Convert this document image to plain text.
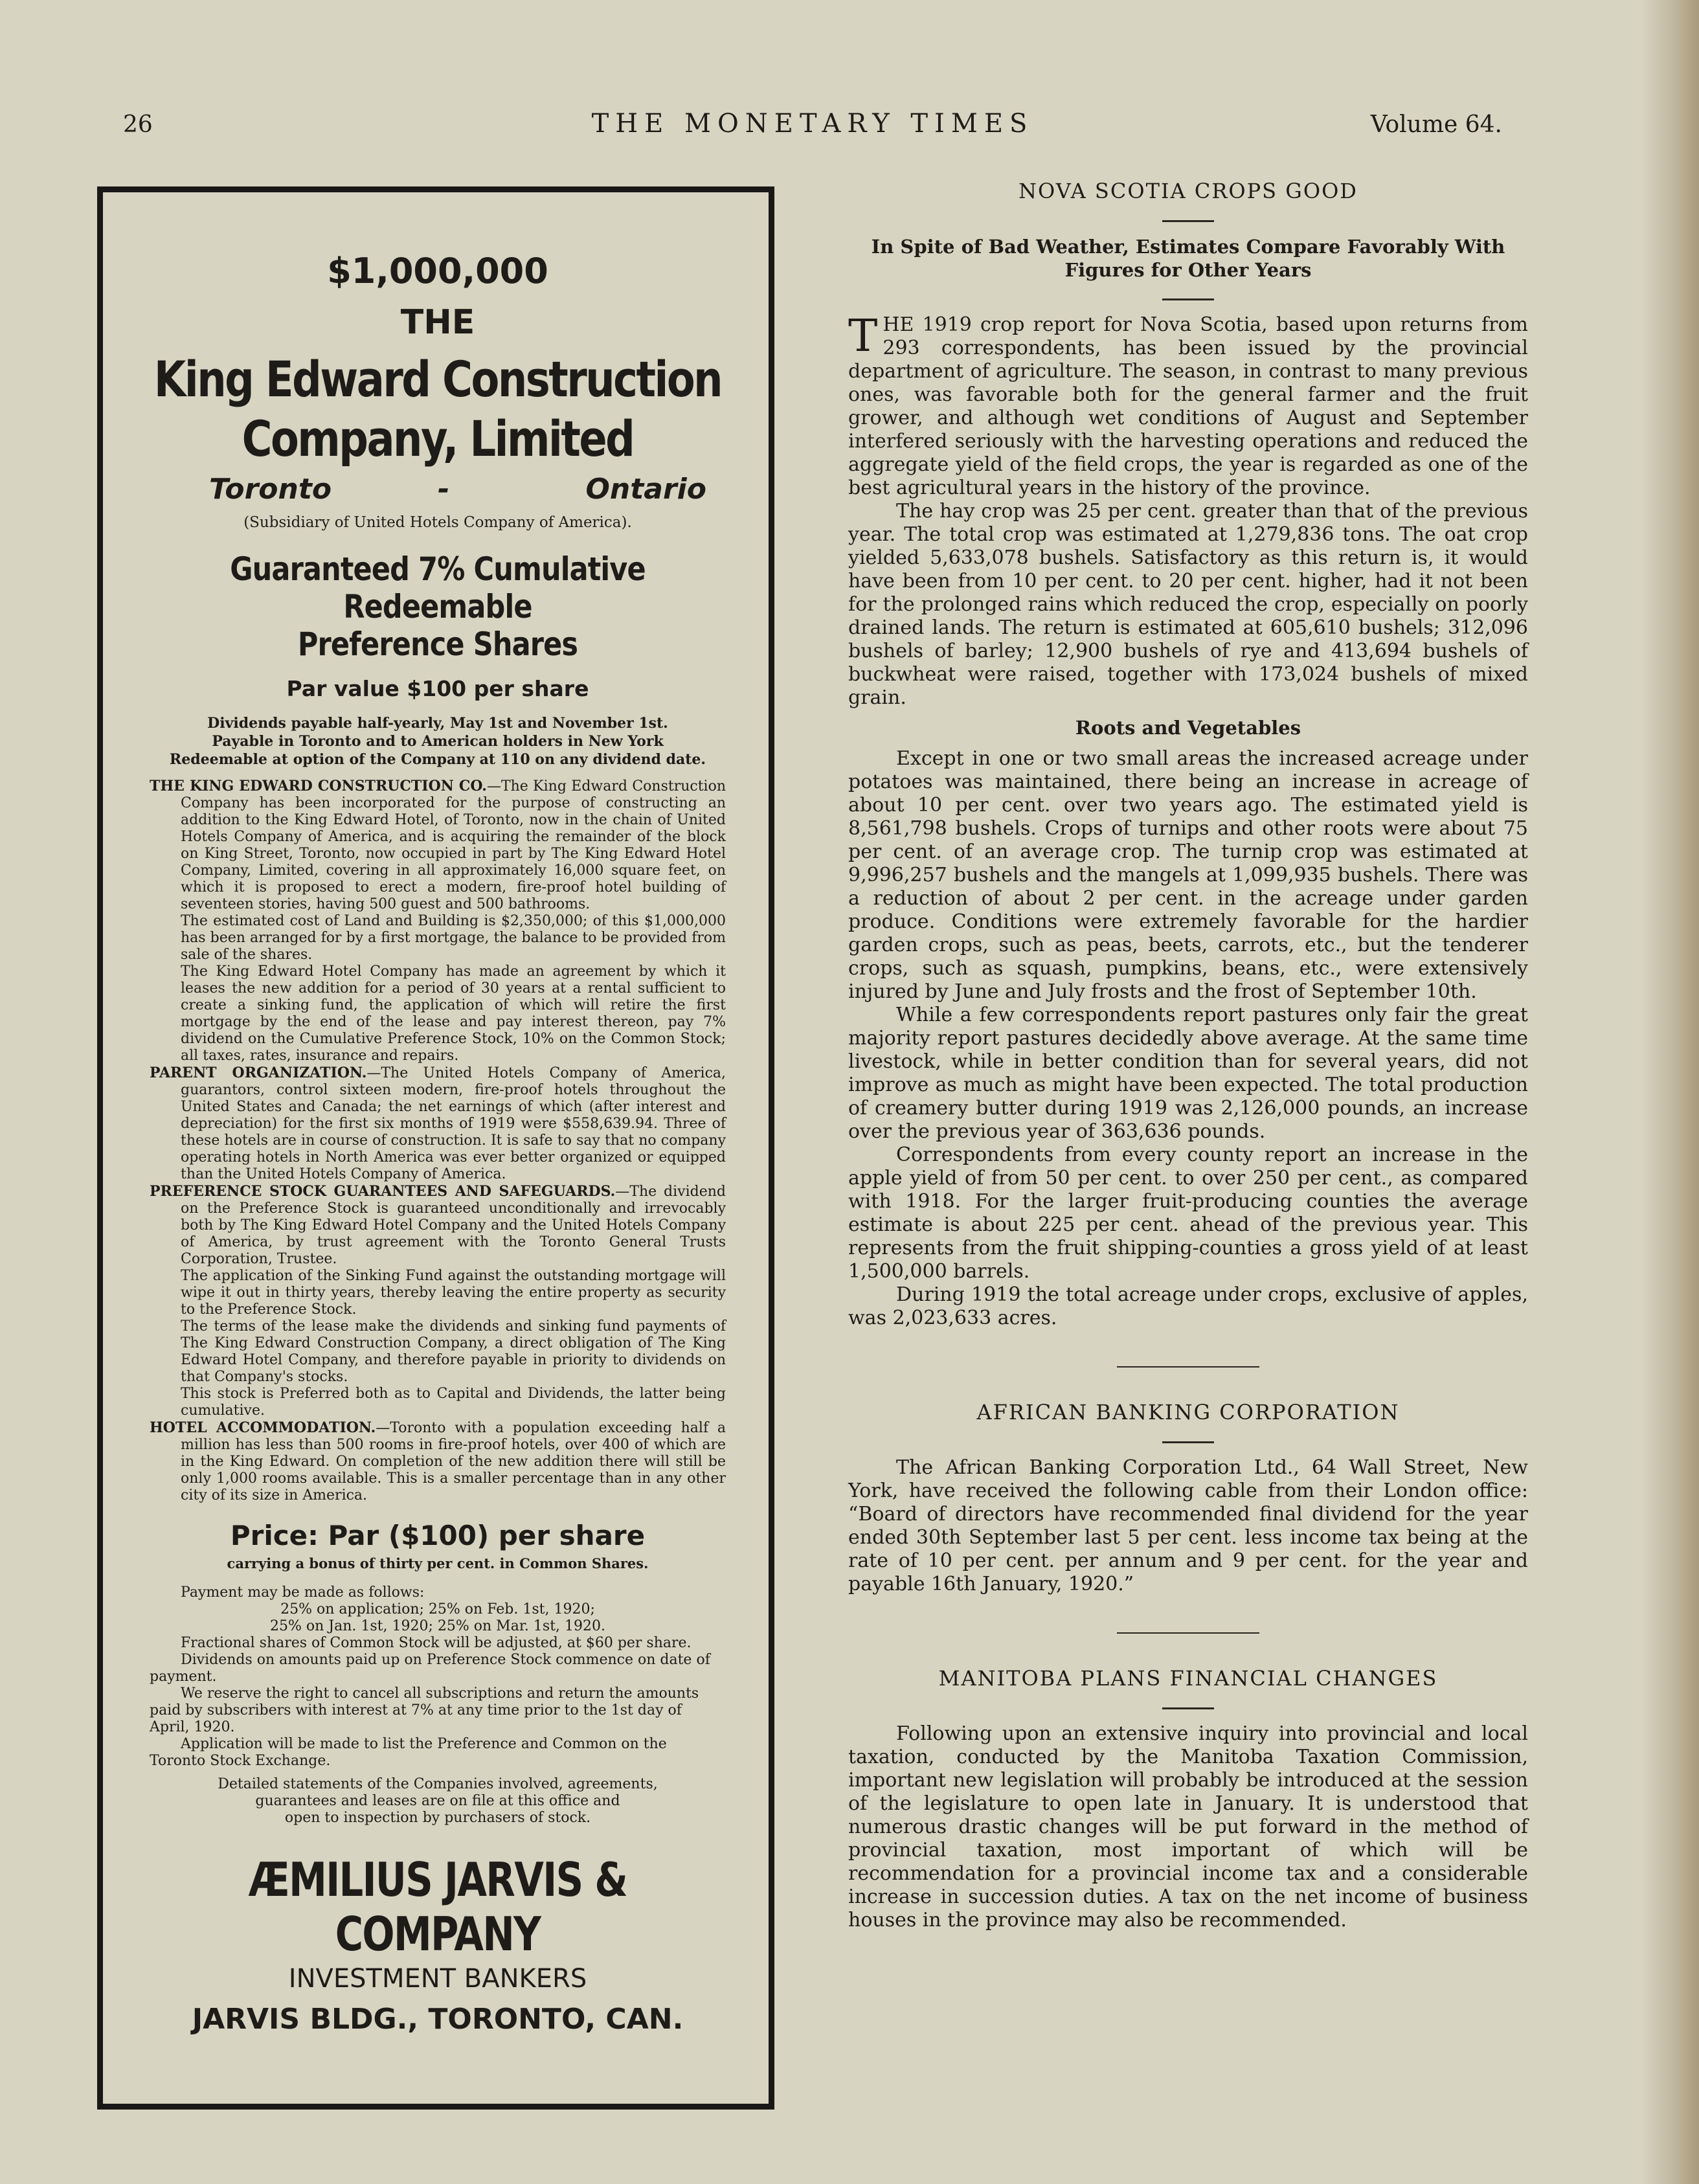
26	THE MONETARY TIMES	Volume 64.
$1,000,000
THE
King Edward Construction
Company, Limited
Toronto	-	Ontario
(Subsidiary of United Hotels Company of America).
Guaranteed 7% Cumulative Redeemable
Preference Shares
Par value $100 per share
Dividends payable half-yearly, May 1st and November 1st.
Payable in Toronto and to American holders in New York
Redeemable at option of the Company at 110 on any dividend date.

THE KING EDWARD CONSTRUCTION CO.—The King Edward Construction Company has been incorporated for the purpose of constructing an addition to the King Edward Hotel, of Toronto, now in the chain of United Hotels Company of America, and is acquiring the remainder of the block on King Street, Toronto, now occupied in part by The King Edward Hotel Company, Limited, covering in all approximately 16,000 square feet, on which it is proposed to erect a modern, fire-proof hotel building of seventeen stories, having 500 guest and 500 bathrooms.

The estimated cost of Land and Building is $2,350,000; of this $1,000,000 has been arranged for by a first mortgage, the balance to be provided from sale of the shares.

The King Edward Hotel Company has made an agreement by which it leases the new addition for a period of 30 years at a rental sufficient to create a sinking fund, the application of which will retire the first mortgage by the end of the lease and pay interest thereon, pay 7% dividend on the Cumulative Preference Stock, 10% on the Common Stock; all taxes, rates, insurance and repairs.

PARENT ORGANIZATION.—The United Hotels Company of America, guarantors, control sixteen modern, fire-proof hotels throughout the United States and Canada; the net earnings of which (after interest and depreciation) for the first six months of 1919 were $558,639.94. Three of these hotels are in course of construction. It is safe to say that no company operating hotels in North America was ever better organized or equipped than the United Hotels Company of America.

PREFERENCE STOCK GUARANTEES AND SAFEGUARDS.—The dividend on the Preference Stock is guaranteed unconditionally and irrevocably both by The King Edward Hotel Company and the United Hotels Company of America, by trust agreement with the Toronto General Trusts Corporation, Trustee.

The application of the Sinking Fund against the outstanding mortgage will wipe it out in thirty years, thereby leaving the entire property as security to the Preference Stock.

The terms of the lease make the dividends and sinking fund payments of The King Edward Construction Company, a direct obligation of The King Edward Hotel Company, and therefore payable in priority to dividends on that Company's stocks.

This stock is Preferred both as to Capital and Dividends, the latter being cumulative.

HOTEL ACCOMMODATION.—Toronto with a population exceeding half a million has less than 500 rooms in fire-proof hotels, over 400 of which are in the King Edward. On completion of the new addition there will still be only 1,000 rooms available. This is a smaller percentage than in any other city of its size in America.

Price: Par ($100) per share
carrying a bonus of thirty per cent. in Common Shares.

Payment may be made as follows:

25% on application; 25% on Feb. 1st, 1920;

25% on Jan. 1st, 1920; 25% on Mar. 1st, 1920.

Fractional shares of Common Stock will be adjusted, at $60 per share.

Dividends on amounts paid up on Preference Stock commence on date of payment.

We reserve the right to cancel all subscriptions and return the amounts paid by subscribers with interest at 7% at any time prior to the 1st day of April, 1920.

Application will be made to list the Preference and Common on the Toronto Stock Exchange.

Detailed statements of the Companies involved, agreements,
guarantees and leases are on file at this office and
open to inspection by purchasers of stock.
ÆMILIUS JARVIS & COMPANY
INVESTMENT BANKERS
JARVIS BLDG., TORONTO, CAN.
NOVA SCOTIA CROPS GOOD

In Spite of Bad Weather, Estimates Compare Favorably With Figures for Other Years

THE 1919 crop report for Nova Scotia, based upon returns from 293 correspondents, has been issued by the provincial department of agriculture. The season, in contrast to many previous ones, was favorable both for the general farmer and the fruit grower, and although wet conditions of August and September interfered seriously with the harvesting operations and reduced the aggregate yield of the field crops, the year is regarded as one of the best agricultural years in the history of the province.

The hay crop was 25 per cent. greater than that of the previous year. The total crop was estimated at 1,279,836 tons. The oat crop yielded 5,633,078 bushels. Satisfactory as this return is, it would have been from 10 per cent. to 20 per cent. higher, had it not been for the prolonged rains which reduced the crop, especially on poorly drained lands. The return is estimated at 605,610 bushels; 312,096 bushels of barley; 12,900 bushels of rye and 413,694 bushels of buckwheat were raised, together with 173,024 bushels of mixed grain.

Roots and Vegetables

Except in one or two small areas the increased acreage under potatoes was maintained, there being an increase in acreage of about 10 per cent. over two years ago. The estimated yield is 8,561,798 bushels. Crops of turnips and other roots were about 75 per cent. of an average crop. The turnip crop was estimated at 9,996,257 bushels and the mangels at 1,099,935 bushels. There was a reduction of about 2 per cent. in the acreage under garden produce. Conditions were extremely favorable for the hardier garden crops, such as peas, beets, carrots, etc., but the tenderer crops, such as squash, pumpkins, beans, etc., were extensively injured by June and July frosts and the frost of September 10th.

While a few correspondents report pastures only fair the great majority report pastures decidedly above average. At the same time livestock, while in better condition than for several years, did not improve as much as might have been expected. The total production of creamery butter during 1919 was 2,126,000 pounds, an increase over the previous year of 363,636 pounds.

Correspondents from every county report an increase in the apple yield of from 50 per cent. to over 250 per cent., as compared with 1918. For the larger fruit-producing counties the average estimate is about 225 per cent. ahead of the previous year. This represents from the fruit shipping-counties a gross yield of at least 1,500,000 barrels.

During 1919 the total acreage under crops, exclusive of apples, was 2,023,633 acres.

AFRICAN BANKING CORPORATION

The African Banking Corporation Ltd., 64 Wall Street, New York, have received the following cable from their London office: “Board of directors have recommended final dividend for the year ended 30th September last 5 per cent. less income tax being at the rate of 10 per cent. per annum and 9 per cent. for the year and payable 16th January, 1920.”

MANITOBA PLANS FINANCIAL CHANGES

Following upon an extensive inquiry into provincial and local taxation, conducted by the Manitoba Taxation Commission, important new legislation will probably be introduced at the session of the legislature to open late in January. It is understood that numerous drastic changes will be put forward in the method of provincial taxation, most important of which will be recommendation for a provincial income tax and a considerable increase in succession duties. A tax on the net income of business houses in the province may also be recommended.
